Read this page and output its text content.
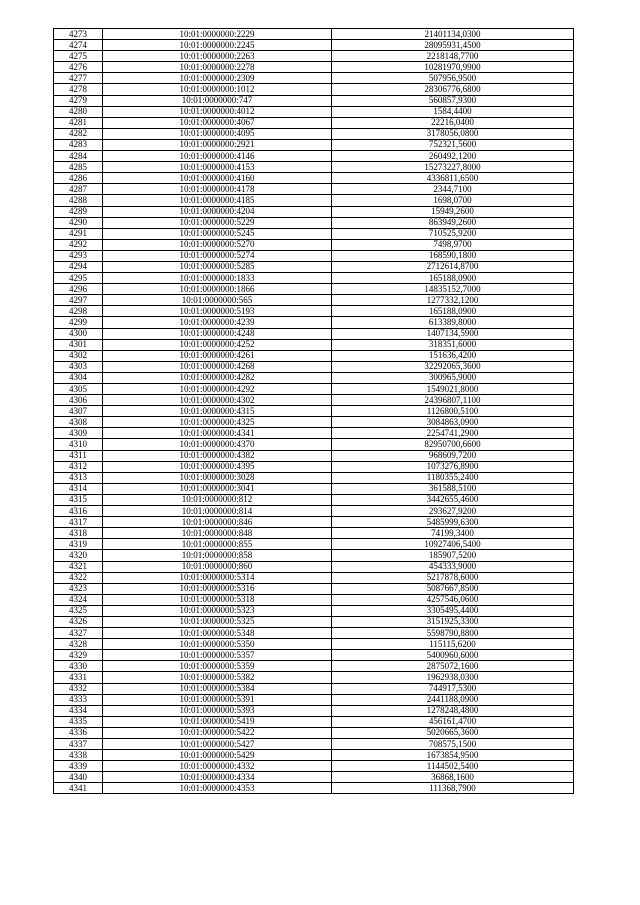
4273	10:01:0000000:2229	21401134,0300
4274	10:01:0000000:2245	28095931,4500
4275	10:01:0000000:2263	2218148,7700
4276	10:01:0000000:2278	10281970,9900
4277	10:01:0000000:2309	507956,9500
4278	10:01:0000000:1012	28306776,6800
4279	10:01:0000000:747	560857,9300
4280	10:01:0000000:4012	1584,4400
4281	10:01:0000000:4067	22216,0400
4282	10:01:0000000:4095	3178056,0800
4283	10:01:0000000:2921	752321,5600
4284	10:01:0000000:4146	260492,1200
4285	10:01:0000000:4153	15273227,8000
4286	10:01:0000000:4160	4336811,6500
4287	10:01:0000000:4178	2344,7100
4288	10:01:0000000:4185	1698,0700
4289	10:01:0000000:4204	15949,2600
4290	10:01:0000000:5229	863949,2600
4291	10:01:0000000:5245	710525,9200
4292	10:01:0000000:5270	7498,9700
4293	10:01:0000000:5274	168590,1800
4294	10:01:0000000:5285	2712614,8700
4295	10:01:0000000:1833	165188,0900
4296	10:01:0000000:1866	14835152,7000
4297	10:01:0000000:565	1277332,1200
4298	10:01:0000000:5193	165188,0900
4299	10:01:0000000:4239	613389,8000
4300	10:01:0000000:4248	1407134,5900
4301	10:01:0000000:4252	318351,6000
4302	10:01:0000000:4261	151636,4200
4303	10:01:0000000:4268	32292065,3600
4304	10:01:0000000:4282	300965,9000
4305	10:01:0000000:4292	1549021,8000
4306	10:01:0000000:4302	24396807,1100
4307	10:01:0000000:4315	1126800,5100
4308	10:01:0000000:4325	3084863,0900
4309	10:01:0000000:4341	2254741,2900
4310	10:01:0000000:4370	82950700,6600
4311	10:01:0000000:4382	968609,7200
4312	10:01:0000000:4395	1073276,8900
4313	10:01:0000000:3028	1180355,2400
4314	10:01:0000000:3041	361588,5100
4315	10:01:0000000:812	3442655,4600
4316	10:01:0000000:814	293627,9200
4317	10:01:0000000:846	5485999,6300
4318	10:01:0000000:848	74199,3400
4319	10:01:0000000:855	10927406,5400
4320	10:01:0000000:858	185907,5200
4321	10:01:0000000:860	454333,9000
4322	10:01:0000000:5314	5217878,6000
4323	10:01:0000000:5316	5087667,8500
4324	10:01:0000000:5318	4257546,0600
4325	10:01:0000000:5323	3305495,4400
4326	10:01:0000000:5325	3151925,3300
4327	10:01:0000000:5348	5598790,8800
4328	10:01:0000000:5350	115115,6200
4329	10:01:0000000:5357	5400960,6000
4330	10:01:0000000:5359	2875072,1600
4331	10:01:0000000:5382	1962938,0300
4332	10:01:0000000:5384	744917,5300
4333	10:01:0000000:5391	2441188,0900
4334	10:01:0000000:5393	1278248,4800
4335	10:01:0000000:5419	456161,4700
4336	10:01:0000000:5422	5020665,3600
4337	10:01:0000000:5427	708575,1500
4338	10:01:0000000:5429	1673854,9500
4339	10:01:0000000:4332	1144502,5400
4340	10:01:0000000:4334	36868,1600
4341	10:01:0000000:4353	111368,7900
